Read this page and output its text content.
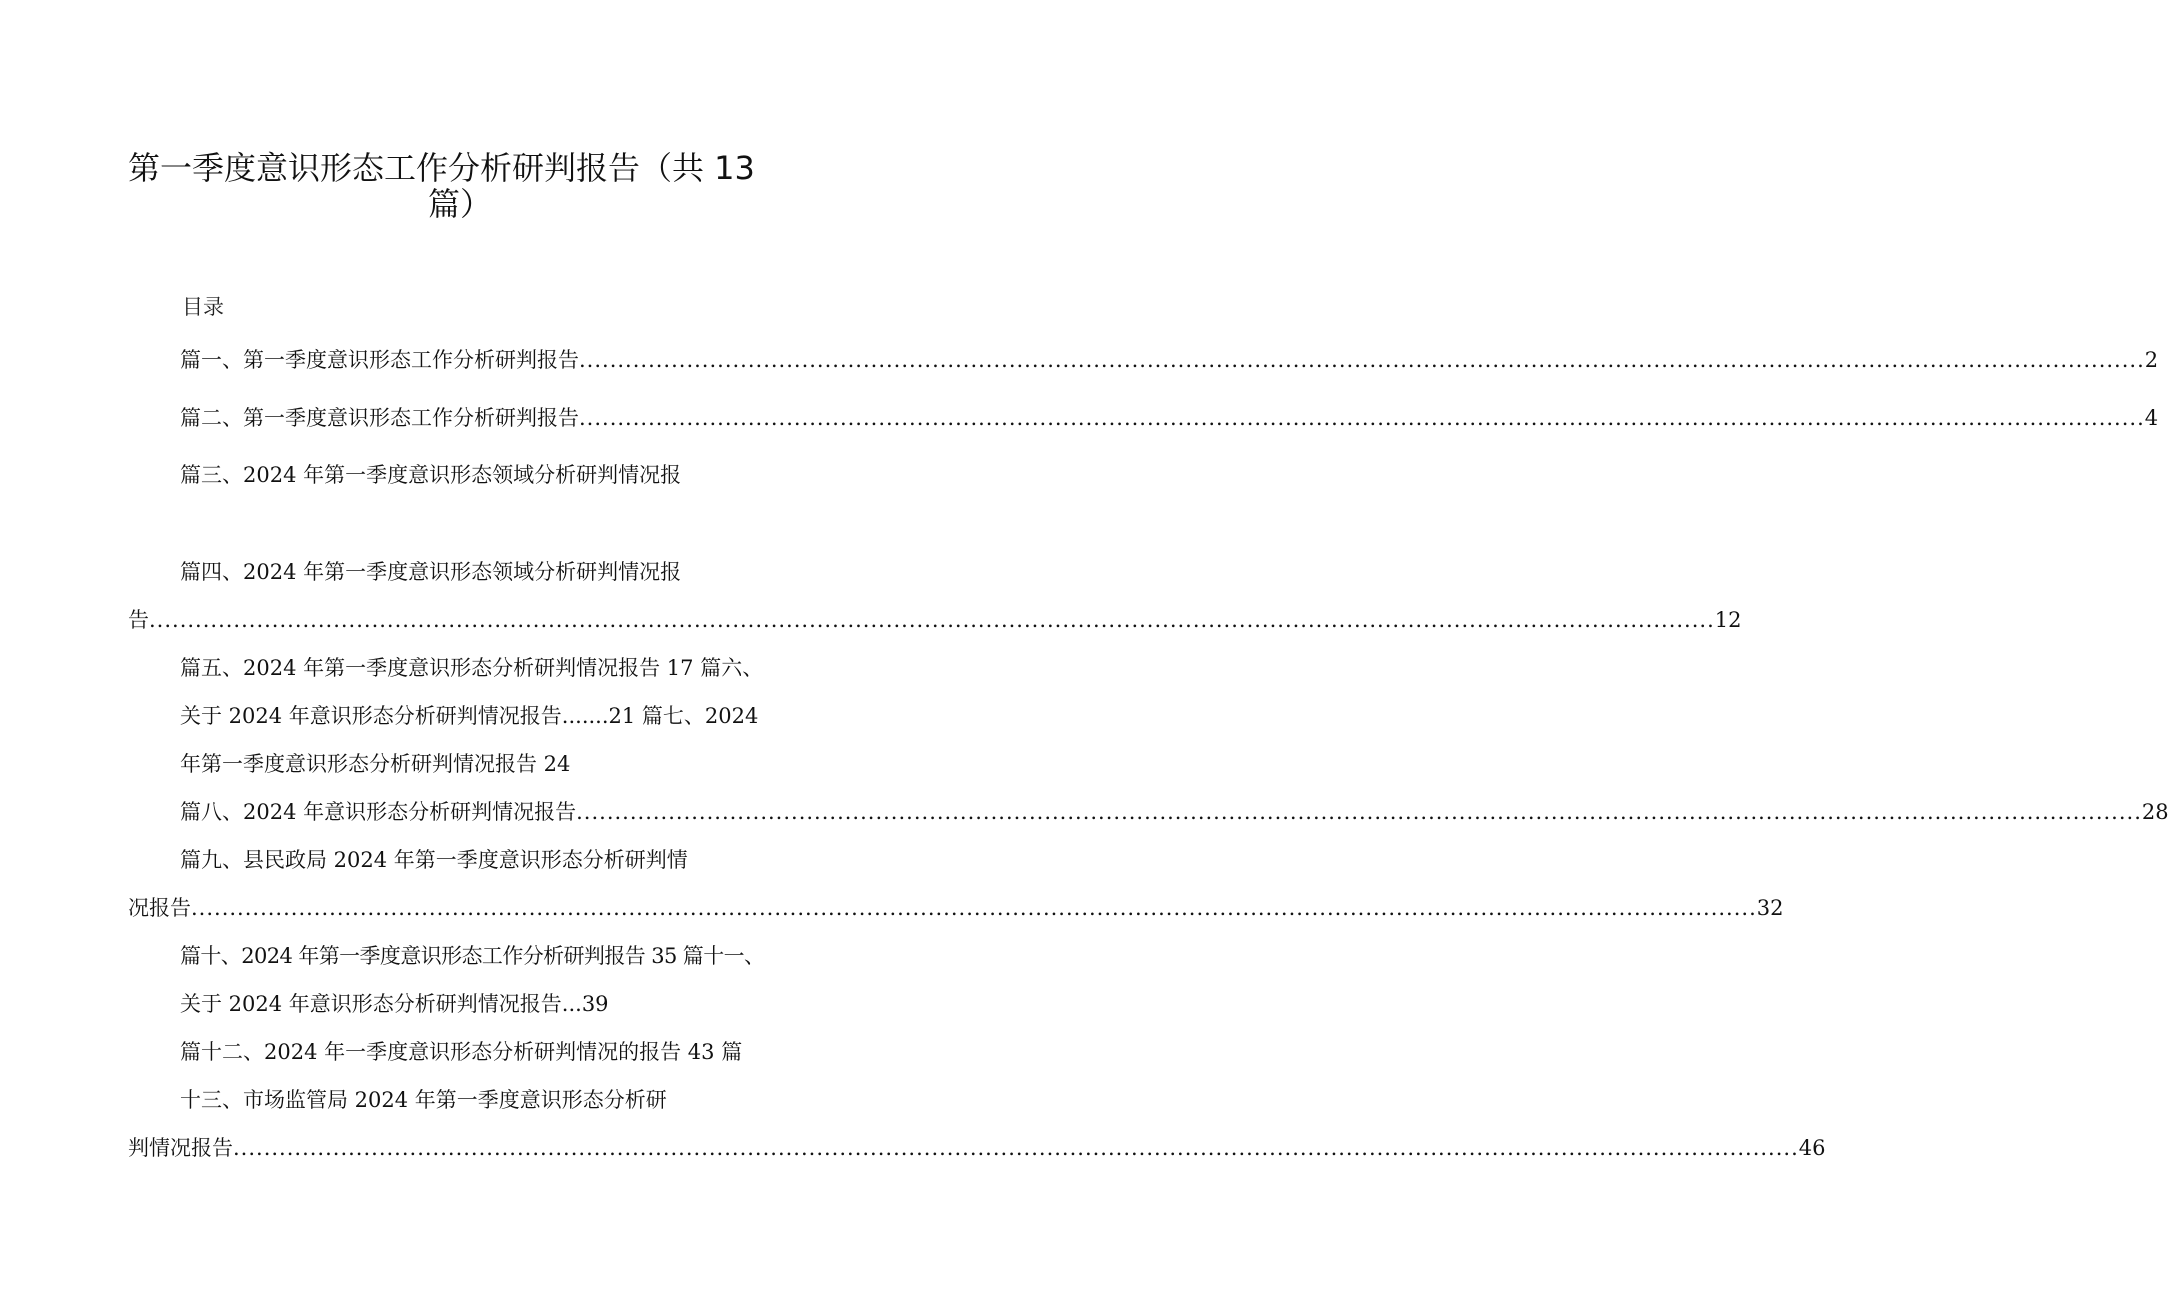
第一季度意识形态工作分析研判报告（共 13
篇）
目录
篇一、第一季度意识形态工作分析研判报告 ............................................................................................................................................................................................................ 2
篇二、第一季度意识形态工作分析研判报告 ............................................................................................................................................................................................................ 4
篇三、2024 年第一季度意识形态领域分析研判情况报
篇四、2024 年第一季度意识形态领域分析研判情况报
告 ............................................................................................................................................................................................................ 12
篇五、2024 年第一季度意识形态分析研判情况报告 17 篇六、
关于 2024 年意识形态分析研判情况报告.......21 篇七、2024
年第一季度意识形态分析研判情况报告 24
篇八、2024 年意识形态分析研判情况报告 ............................................................................................................................................................................................................ 28
篇九、县民政局 2024 年第一季度意识形态分析研判情
况报告 ............................................................................................................................................................................................................ 32
篇十、2024 年第一季度意识形态工作分析研判报告 35 篇十一、
关于 2024 年意识形态分析研判情况报告...39
篇十二、2024 年一季度意识形态分析研判情况的报告 43 篇
十三、市场监管局 2024 年第一季度意识形态分析研
判情况报告 ............................................................................................................................................................................................................ 46
